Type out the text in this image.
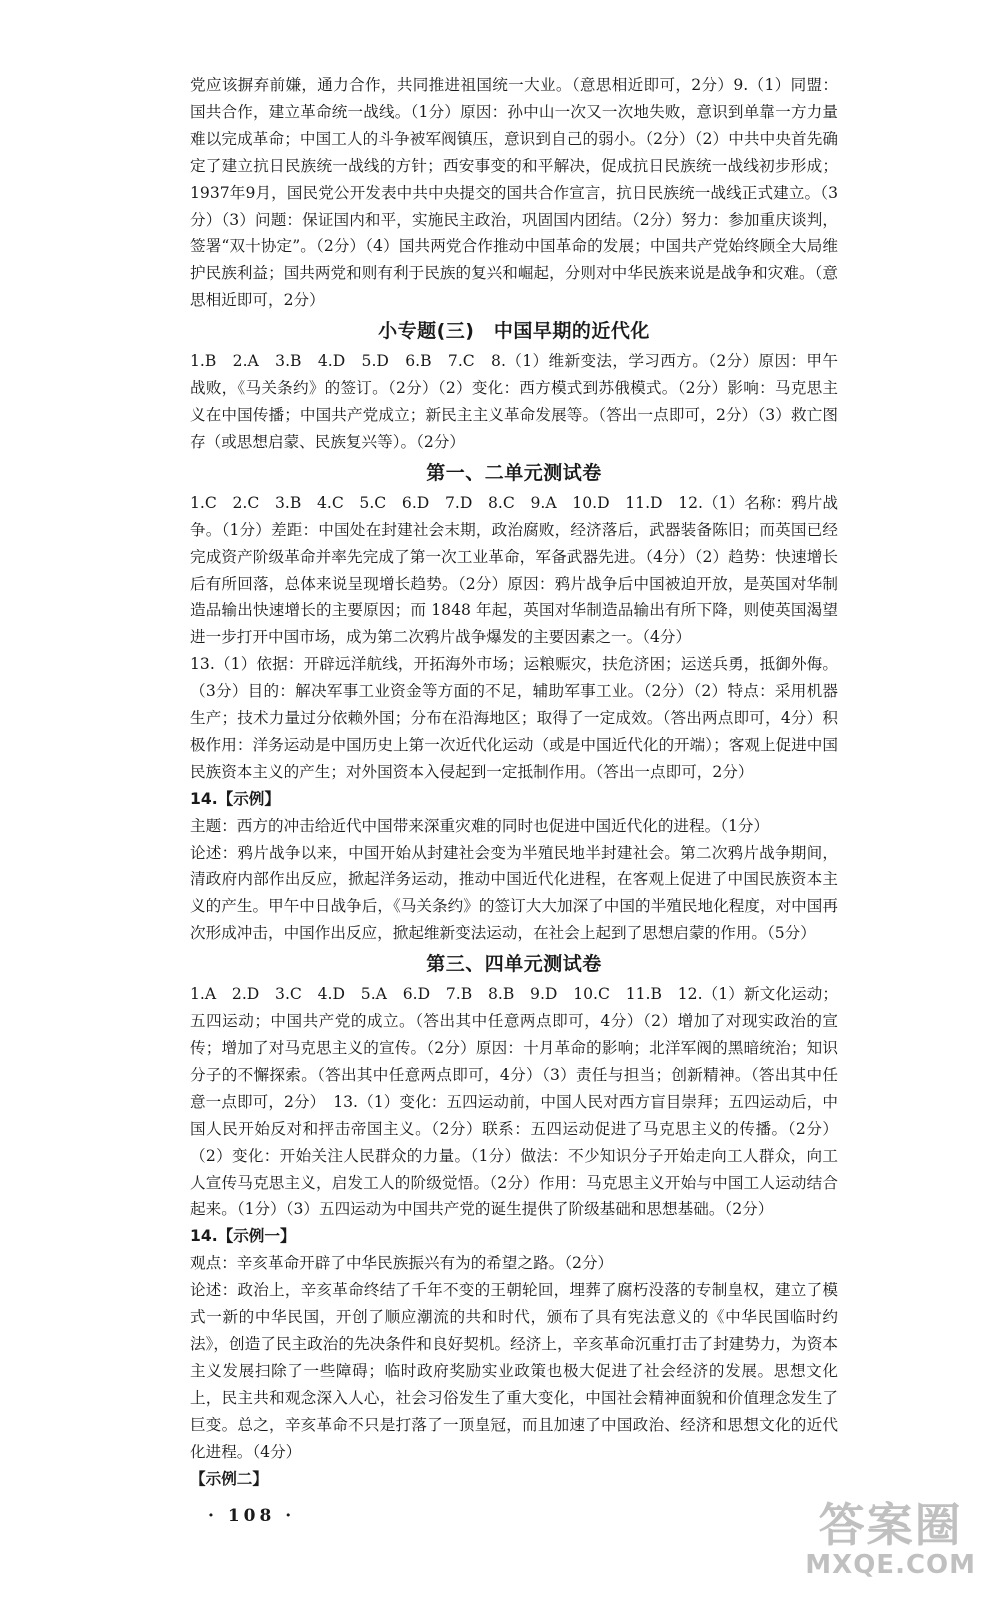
党应该摒弃前嫌，通力合作，共同推进祖国统一大业。（意思相近即可，2分）9.（1）同盟：国共合作，建立革命统一战线。（1分）原因：孙中山一次又一次地失败，意识到单靠一方力量难以完成革命；中国工人的斗争被军阀镇压，意识到自己的弱小。（2分）（2）中共中央首先确定了建立抗日民族统一战线的方针；西安事变的和平解决，促成抗日民族统一战线初步形成；1937年9月，国民党公开发表中共中央提交的国共合作宣言，抗日民族统一战线正式建立。（3分）（3）问题：保证国内和平，实施民主政治，巩固国内团结。（2分）努力：参加重庆谈判，签署“双十协定”。（2分）（4）国共两党合作推动中国革命的发展；中国共产党始终顾全大局维护民族利益；国共两党和则有利于民族的复兴和崛起，分则对中华民族来说是战争和灾难。（意思相近即可，2分）

小专题(三)　中国早期的近代化

1.B　2.A　3.B　4.D　5.D　6.B　7.C　8.（1）维新变法，学习西方。（2分）原因：甲午战败，《马关条约》的签订。（2分）（2）变化：西方模式到苏俄模式。（2分）影响：马克思主义在中国传播；中国共产党成立；新民主主义革命发展等。（答出一点即可，2分）（3）救亡图存（或思想启蒙、民族复兴等）。（2分）

第一、二单元测试卷

1.C　2.C　3.B　4.C　5.C　6.D　7.D　8.C　9.A　10.D　11.D　12.（1）名称：鸦片战争。（1分）差距：中国处在封建社会末期，政治腐败，经济落后，武器装备陈旧；而英国已经完成资产阶级革命并率先完成了第一次工业革命，军备武器先进。（4分）（2）趋势：快速增长后有所回落，总体来说呈现增长趋势。（2分）原因：鸦片战争后中国被迫开放，是英国对华制造品输出快速增长的主要原因；而 1848 年起，英国对华制造品输出有所下降，则使英国渴望进一步打开中国市场，成为第二次鸦片战争爆发的主要因素之一。（4分）

13.（1）依据：开辟远洋航线，开拓海外市场；运粮赈灾，扶危济困；运送兵勇，抵御外侮。（3分）目的：解决军事工业资金等方面的不足，辅助军事工业。（2分）（2）特点：采用机器生产；技术力量过分依赖外国；分布在沿海地区；取得了一定成效。（答出两点即可，4分）积极作用：洋务运动是中国历史上第一次近代化运动（或是中国近代化的开端）；客观上促进中国民族资本主义的产生；对外国资本入侵起到一定抵制作用。（答出一点即可，2分）

14.【示例】

主题：西方的冲击给近代中国带来深重灾难的同时也促进中国近代化的进程。（1分）

论述：鸦片战争以来，中国开始从封建社会变为半殖民地半封建社会。第二次鸦片战争期间，清政府内部作出反应，掀起洋务运动，推动中国近代化进程，在客观上促进了中国民族资本主义的产生。甲午中日战争后，《马关条约》的签订大大加深了中国的半殖民地化程度，对中国再次形成冲击，中国作出反应，掀起维新变法运动，在社会上起到了思想启蒙的作用。（5分）

第三、四单元测试卷

1.A　2.D　3.C　4.D　5.A　6.D　7.B　8.B　9.D　10.C　11.B　12.（1）新文化运动；五四运动；中国共产党的成立。（答出其中任意两点即可，4分）（2）增加了对现实政治的宣传；增加了对马克思主义的宣传。（2分）原因：十月革命的影响；北洋军阀的黑暗统治；知识分子的不懈探索。（答出其中任意两点即可，4分）（3）责任与担当；创新精神。（答出其中任意一点即可，2分）　13.（1）变化：五四运动前，中国人民对西方盲目崇拜；五四运动后，中国人民开始反对和抨击帝国主义。（2分）联系：五四运动促进了马克思主义的传播。（2分）（2）变化：开始关注人民群众的力量。（1分）做法：不少知识分子开始走向工人群众，向工人宣传马克思主义，启发工人的阶级觉悟。（2分）作用：马克思主义开始与中国工人运动结合起来。（1分）（3）五四运动为中国共产党的诞生提供了阶级基础和思想基础。（2分）

14.【示例一】

观点：辛亥革命开辟了中华民族振兴有为的希望之路。（2分）

论述：政治上，辛亥革命终结了千年不变的王朝轮回，埋葬了腐朽没落的专制皇权，建立了模式一新的中华民国，开创了顺应潮流的共和时代，颁布了具有宪法意义的《中华民国临时约法》，创造了民主政治的先决条件和良好契机。经济上，辛亥革命沉重打击了封建势力，为资本主义发展扫除了一些障碍；临时政府奖励实业政策也极大促进了社会经济的发展。思想文化上，民主共和观念深入人心，社会习俗发生了重大变化，中国社会精神面貌和价值理念发生了巨变。总之，辛亥革命不只是打落了一顶皇冠，而且加速了中国政治、经济和思想文化的近代化进程。（4分）

【示例二】

· 108 ·	答案圈
MXQE.COM
